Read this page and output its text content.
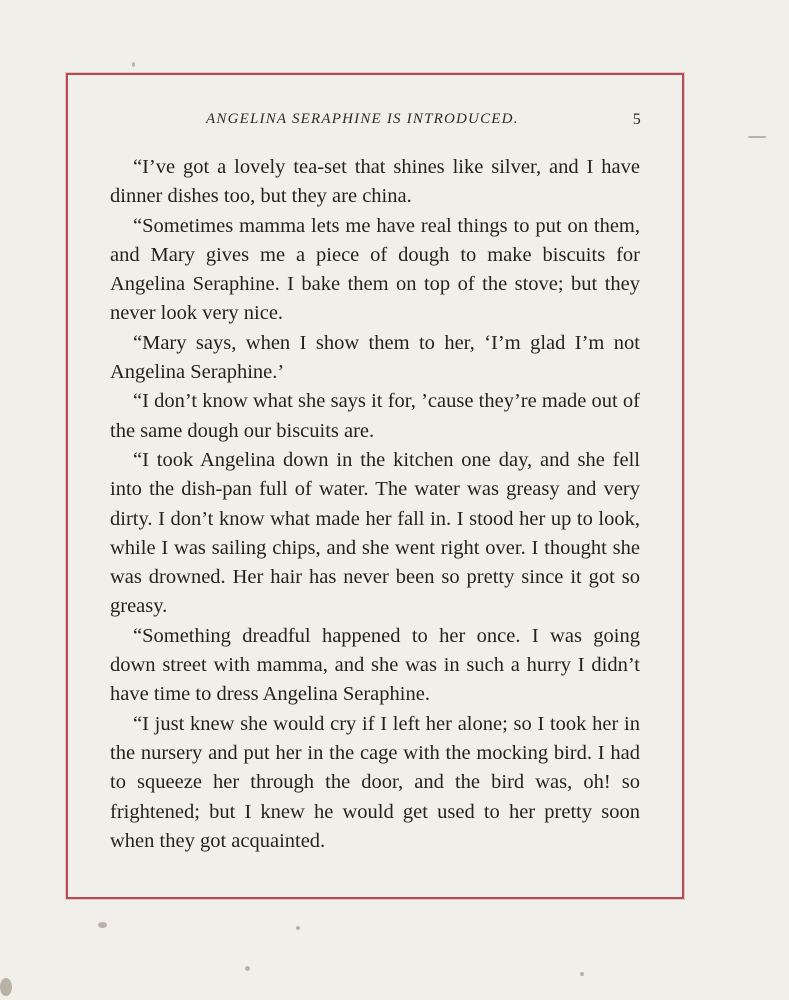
ANGELINA SERAPHINE IS INTRODUCED.	5

“I’ve got a lovely tea-set that shines like silver, and I have dinner dishes too, but they are china.

“Sometimes mamma lets me have real things to put on them, and Mary gives me a piece of dough to make biscuits for Angelina Seraphine. I bake them on top of the stove; but they never look very nice.

“Mary says, when I show them to her, ‘I’m glad I’m not Angelina Seraphine.’

“I don’t know what she says it for, ’cause they’re made out of the same dough our biscuits are.

“I took Angelina down in the kitchen one day, and she fell into the dish-pan full of water. The water was greasy and very dirty. I don’t know what made her fall in. I stood her up to look, while I was sailing chips, and she went right over. I thought she was drowned. Her hair has never been so pretty since it got so greasy.

“Something dreadful happened to her once. I was going down street with mamma, and she was in such a hurry I didn’t have time to dress Angelina Seraphine.

“I just knew she would cry if I left her alone; so I took her in the nursery and put her in the cage with the mocking bird. I had to squeeze her through the door, and the bird was, oh! so frightened; but I knew he would get used to her pretty soon when they got acquainted.
